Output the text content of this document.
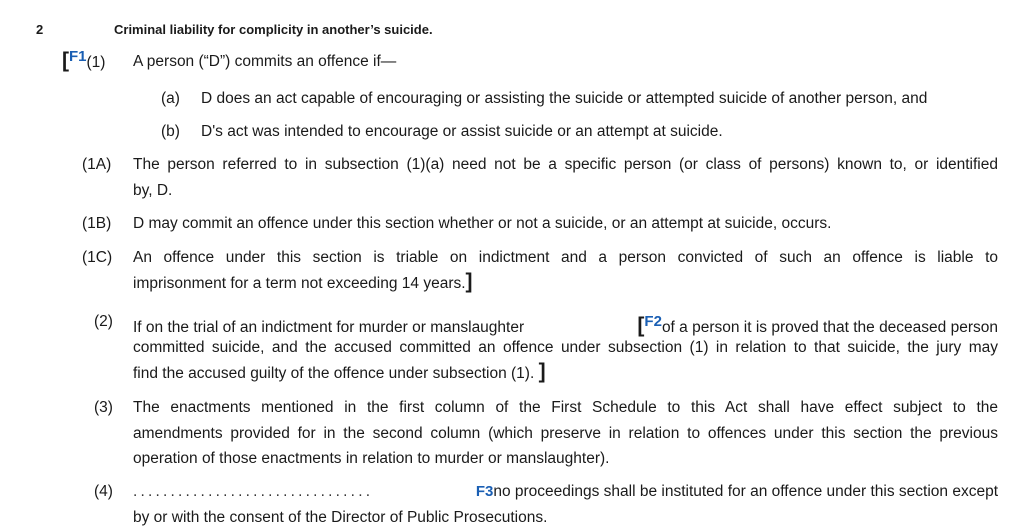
2	Criminal liability for complicity in another’s suicide.
[F1(1) A person (“D”) commits an offence if—
(a) D does an act capable of encouraging or assisting the suicide or attempted suicide of another person, and
(b) D's act was intended to encourage or assist suicide or an attempt at suicide.
(1A) The person referred to in subsection (1)(a) need not be a specific person (or class of persons) known to, or identified
by, D.
(1B) D may commit an offence under this section whether or not a suicide, or an attempt at suicide, occurs.
(1C) An offence under this section is triable on indictment and a person convicted of such an offence is liable to
imprisonment for a term not exceeding 14 years.]
(2) If on the trial of an indictment for murder or manslaughter	[F2of a person it is proved that the deceased person
committed suicide, and the accused committed an offence under subsection (1) in relation to that suicide, the jury may
find the accused guilty of the offence under subsection (1). ]
(3) The enactments mentioned in the first column of the First Schedule to this Act shall have effect subject to the
amendments provided for in the second column (which preserve in relation to offences under this section the previous
operation of those enactments in relation to murder or manslaughter).
(4) ................................	F3no proceedings shall be instituted for an offence under this section except
by or with the consent of the Director of Public Prosecutions.
